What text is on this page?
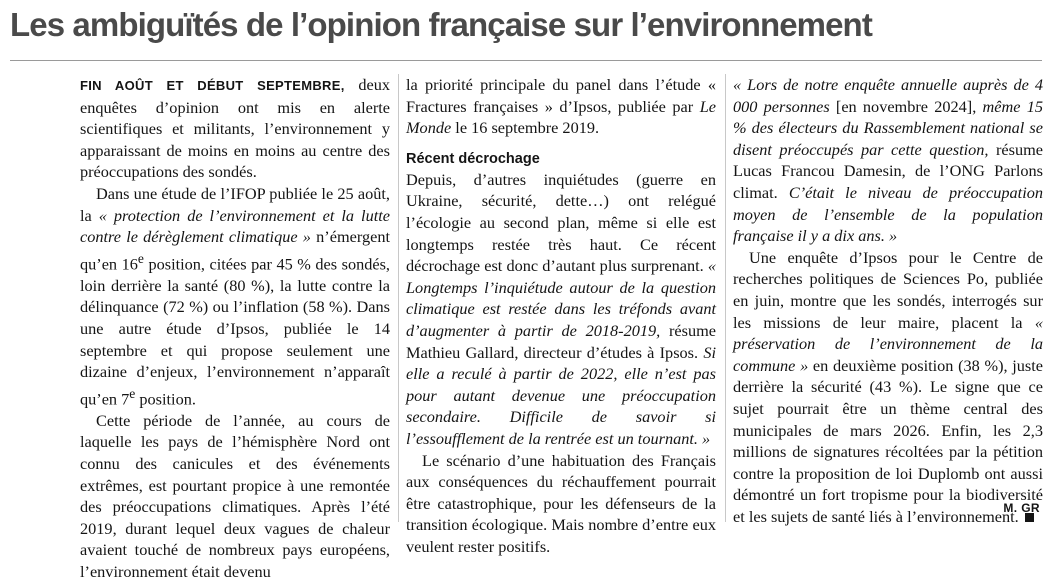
Les ambiguïtés de l’opinion française sur l’environnement

FIN AOÛT ET DÉBUT SEPTEMBRE, deux enquêtes d’opinion ont mis en alerte scientifiques et militants, l’environnement y apparaissant de moins en moins au centre des préoccupations des sondés.

Dans une étude de l’IFOP publiée le 25 août, la « protection de l’environnement et la lutte contre le dérèglement climatique » n’émergent qu’en 16e position, citées par 45 % des sondés, loin derrière la santé (80 %), la lutte contre la délinquance (72 %) ou l’inflation (58 %). Dans une autre étude d’Ipsos, publiée le 14 septembre et qui propose seulement une dizaine d’enjeux, l’environnement n’apparaît qu’en 7e position.

Cette période de l’année, au cours de laquelle les pays de l’hémisphère Nord ont connu des canicules et des événements extrêmes, est pourtant propice à une remontée des préoccupations climatiques. Après l’été 2019, durant lequel deux vagues de chaleur avaient touché de nombreux pays européens, l’environnement était devenu

la priorité principale du panel dans l’étude « Fractures françaises » d’Ipsos, publiée par Le Monde le 16 septembre 2019.

Récent décrochage

Depuis, d’autres inquiétudes (guerre en Ukraine, sécurité, dette…) ont relégué l’écologie au second plan, même si elle est longtemps restée très haut. Ce récent décrochage est donc d’autant plus surprenant. « Longtemps l’inquiétude autour de la question climatique est restée dans les tréfonds avant d’augmenter à partir de 2018-2019, résume Mathieu Gallard, directeur d’études à Ipsos. Si elle a reculé à partir de 2022, elle n’est pas pour autant devenue une préoccupation secondaire. Difficile de savoir si l’essoufflement de la rentrée est un tournant. »

Le scénario d’une habituation des Français aux conséquences du réchauffement pourrait être catastrophique, pour les défenseurs de la transition écologique. Mais nombre d’entre eux veulent rester positifs.

« Lors de notre enquête annuelle auprès de 4 000 personnes [en novembre 2024], même 15 % des électeurs du Rassemblement national se disent préoccupés par cette question, résume Lucas Francou Damesin, de l’ONG Parlons climat. C’était le niveau de préoccupation moyen de l’ensemble de la population française il y a dix ans. »

Une enquête d’Ipsos pour le Centre de recherches politiques de Sciences Po, publiée en juin, montre que les sondés, interrogés sur les missions de leur maire, placent la « préservation de l’environnement de la commune » en deuxième position (38 %), juste derrière la sécurité (43 %). Le signe que ce sujet pourrait être un thème central des municipales de mars 2026. Enfin, les 2,3 millions de signatures récoltées par la pétition contre la proposition de loi Duplomb ont aussi démontré un fort tropisme pour la biodiversité et les sujets de santé liés à l’environnement.

M. GR
